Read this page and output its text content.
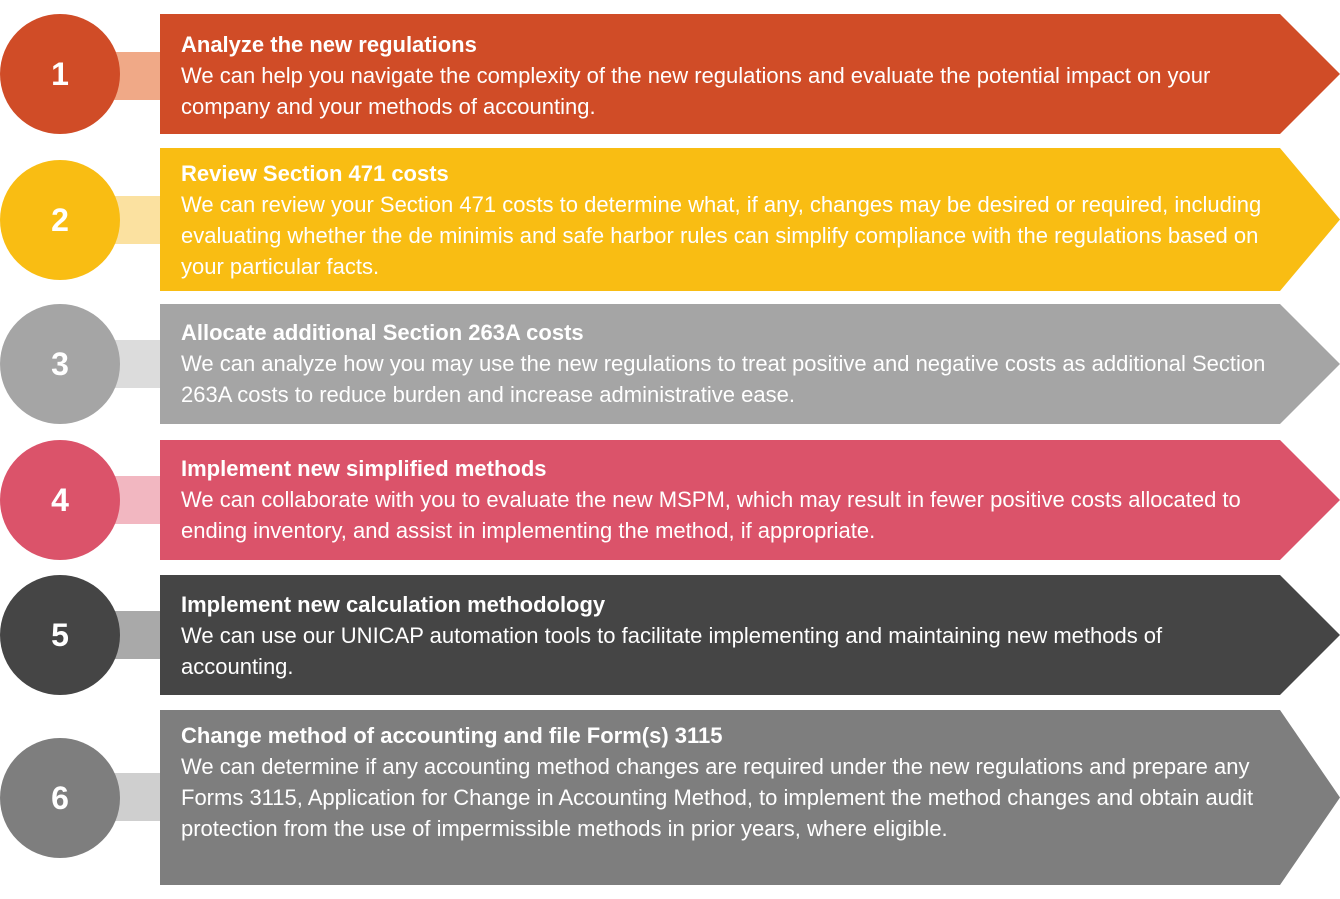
1
Analyze the new regulations
We can help you navigate the complexity of the new regulations and evaluate the potential impact on your company and your methods of accounting.
2
Review Section 471 costs
We can review your Section 471 costs to determine what, if any, changes may be desired or required, including evaluating whether the de minimis and safe harbor rules can simplify compliance with the regulations based on your particular facts.
3
Allocate additional Section 263A costs
We can analyze how you may use the new regulations to treat positive and negative costs as additional Section 263A costs to reduce burden and increase administrative ease.
4
Implement new simplified methods
We can collaborate with you to evaluate the new MSPM, which may result in fewer positive costs allocated to ending inventory, and assist in implementing the method, if appropriate.
5
Implement new calculation methodology
We can use our UNICAP automation tools to facilitate implementing and maintaining new methods of accounting.
6
Change method of accounting and file Form(s) 3115
We can determine if any accounting method changes are required under the new regulations and prepare any Forms 3115, Application for Change in Accounting Method, to implement the method changes and obtain audit protection from the use of impermissible methods in prior years, where eligible.
